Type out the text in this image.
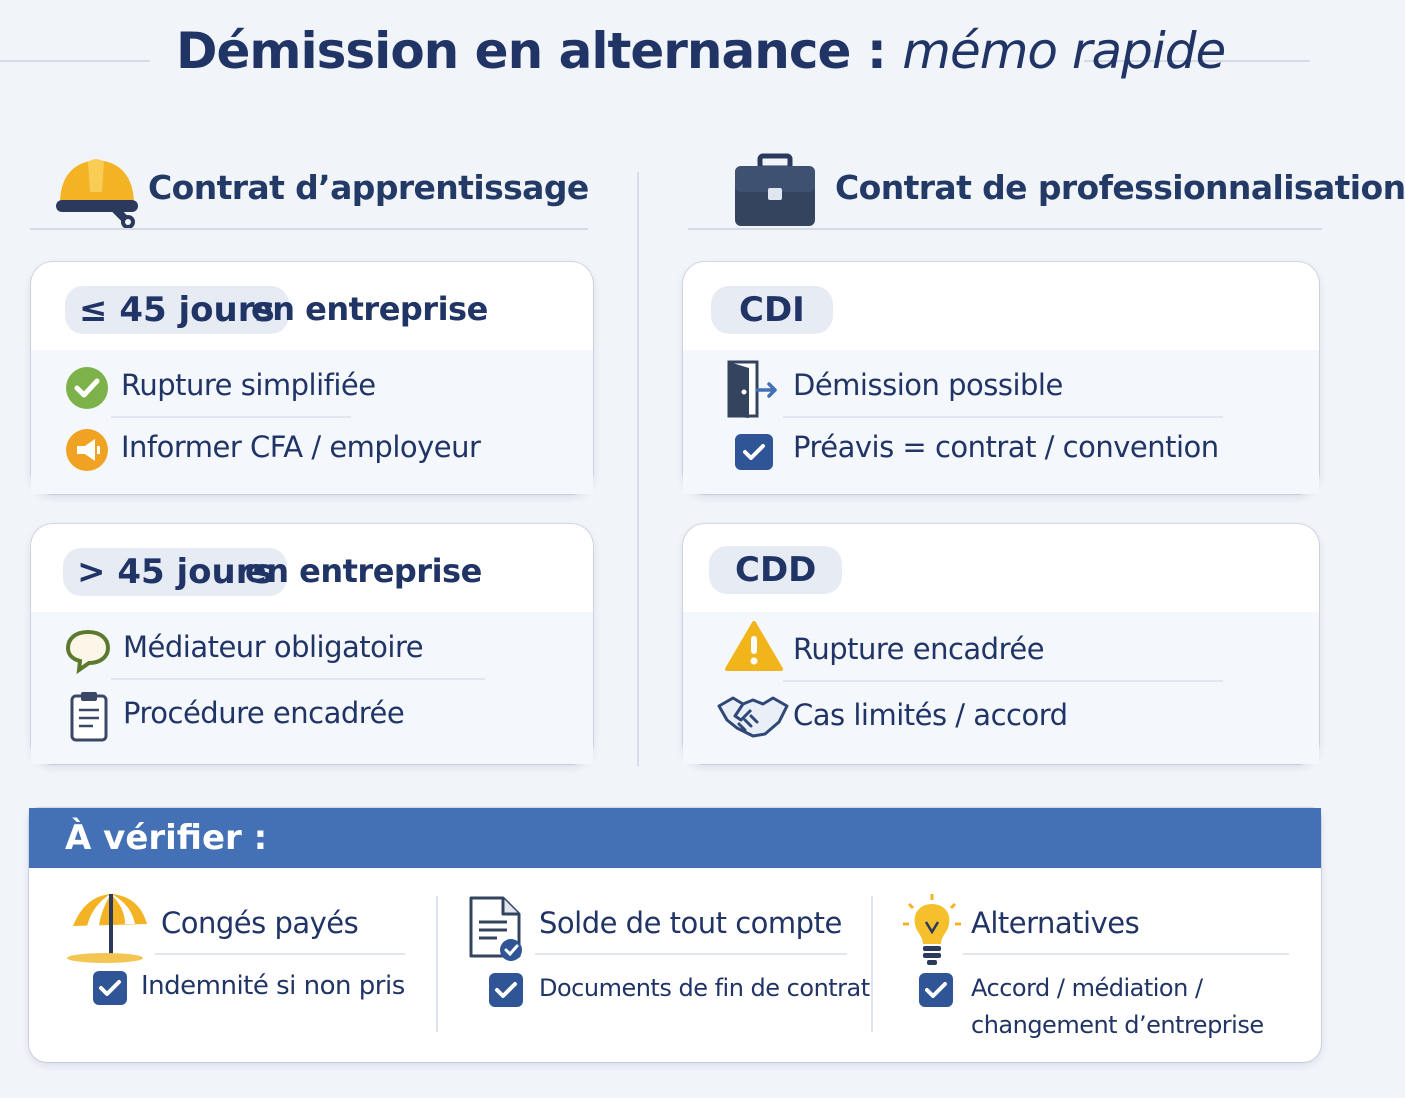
Démission en alternance : mémo rapide
Contrat d’apprentissage	Contrat de professionnalisation
≤ 45 jours
en entreprise
Rupture simplifiée
Informer CFA / employeur
> 45 jours
en entreprise
Médiateur obligatoire
Procédure encadrée
CDI
Démission possible
Préavis = contrat / convention
CDD
Rupture encadrée
Cas limités / accord
À vérifier :
Congés payés
Indemnité si non pris
Solde de tout compte
Documents de fin de contrat
Alternatives
Accord / médiation /
changement d’entreprise
